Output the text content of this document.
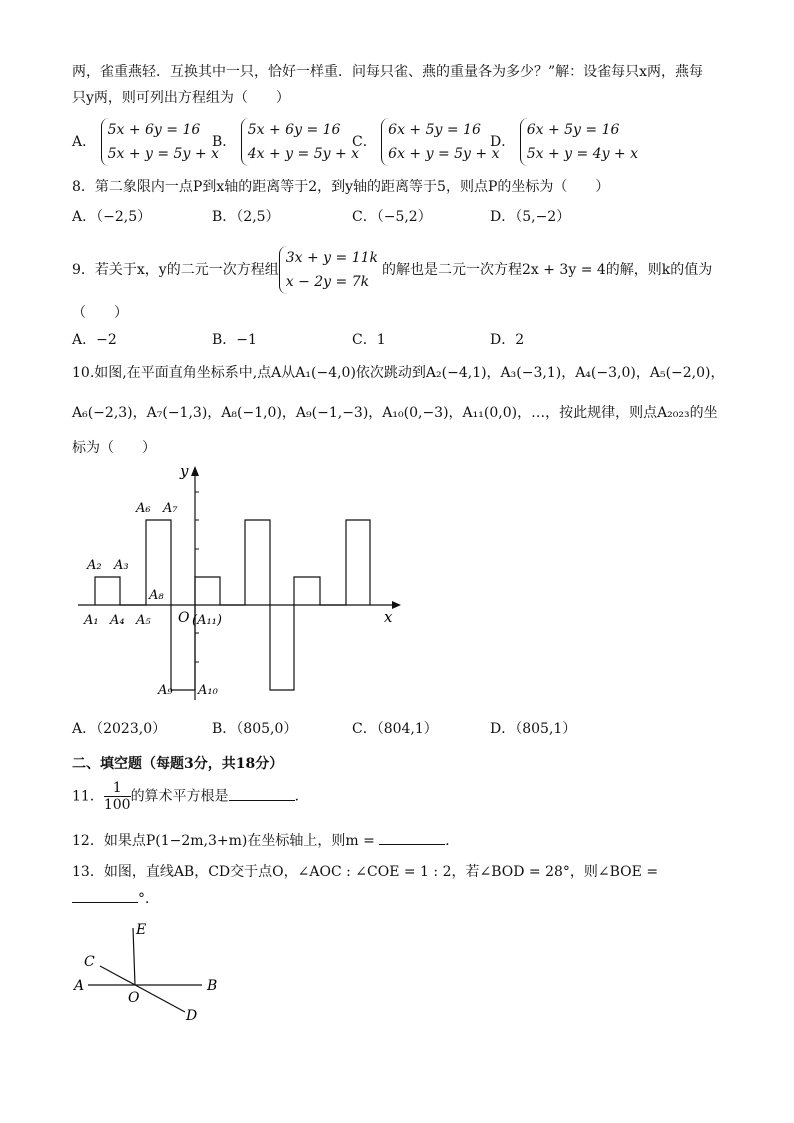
两，雀重燕轻．互换其中一只，恰好一样重．问每只雀、燕的重量各为多少？”解：设雀每只x两，燕每
只y两，则可列出方程组为（　　）
A． 5x + 6y = 16
5x + y = 5y + x
B． 5x + 6y = 16
4x + y = 5y + x
C． 6x + 5y = 16
6x + y = 5y + x
D． 6x + 5y = 16
5x + y = 4y + x
8．第二象限内一点P到x轴的距离等于2，到y轴的距离等于5，则点P的坐标为（　　）
A．（−2,5）	B．（2,5）	C．（−5,2）	D．（5,−2）
9．若关于x，y的二元一次方程组3x + y = 11k
x − 2y = 7k的解也是二元一次方程2x + 3y = 4的解，则k的值为
（　　）
A．−2	B．−1	C．1	D．2
10.如图,在平面直角坐标系中,点A从A₁(−4,0)依次跳动到A₂(−4,1)，A₃(−3,1)，A₄(−3,0)，A₅(−2,0)，
A₆(−2,3)，A₇(−1,3)，A₈(−1,0)，A₉(−1,−3)，A₁₀(0,−3)，A₁₁(0,0)，…，按此规律，则点A₂₀₂₃的坐
标为（　　）
x
y
O (A₁₁)
A₁
A₂ A₃
A₄ A₅
A₆ A₇
A₈
A₉ A₁₀
A．（2023,0）	B．（805,0）	C．（804,1）	D．（805,1）
二、填空题（每题3分，共18分）
11． $\frac{1}{100}$ 的算术平方根是	．
12．如果点P(1−2m,3+m)在坐标轴上，则m =	．
13．如图，直线AB，CD交于点O，∠AOC : ∠COE = 1 : 2，若∠BOD = 28°，则∠BOE =
°．
A	B
C
D
E
O
